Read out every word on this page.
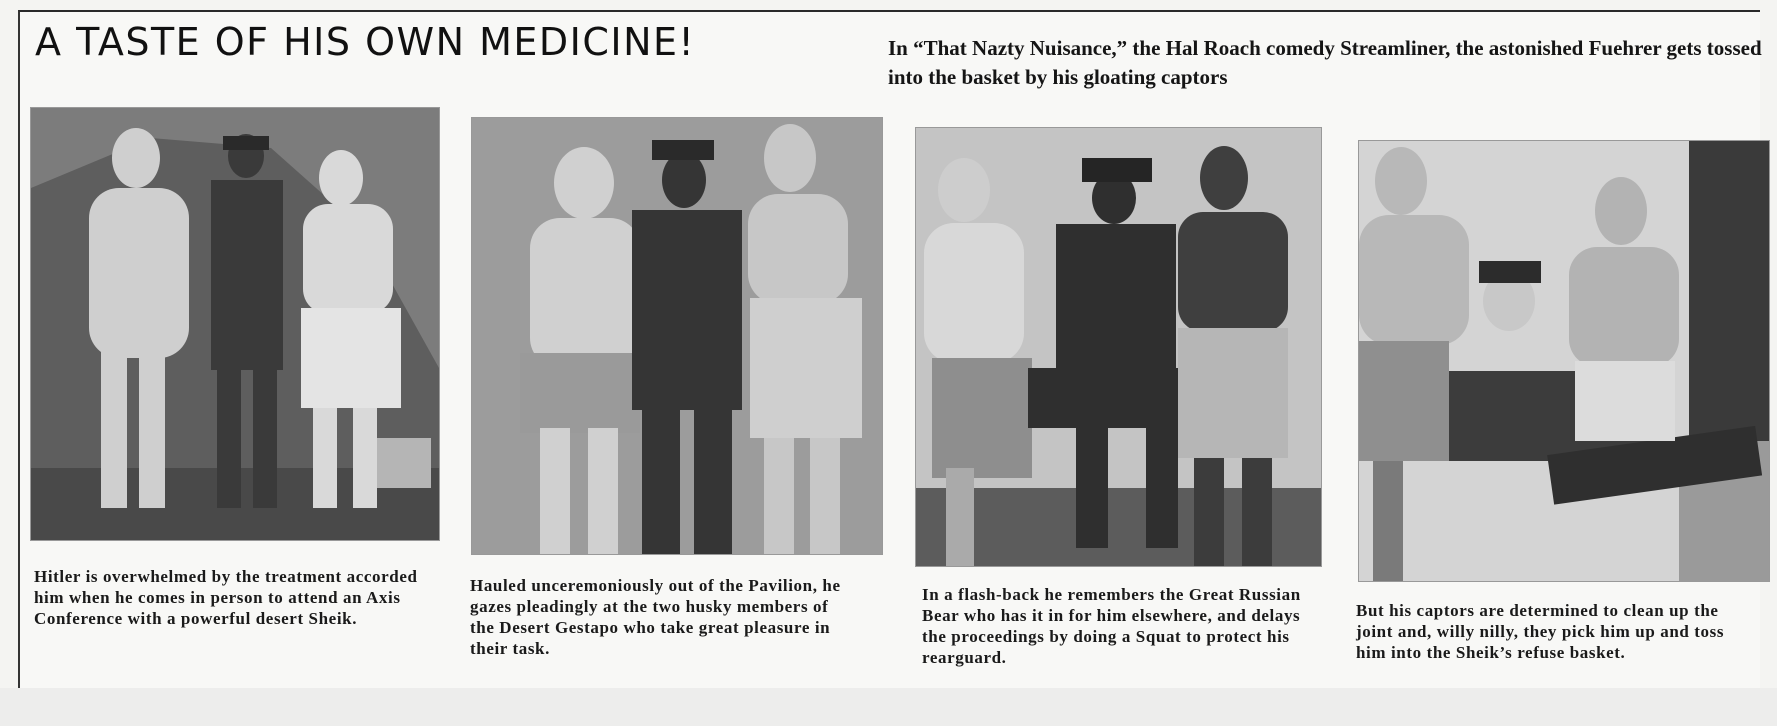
A TASTE OF HIS OWN MEDICINE!	In “That Nazty Nuisance,” the Hal Roach comedy Streamliner, the astonished Fuehrer gets tossed into the basket by his gloating captors
Hitler is overwhelmed by the treatment accorded him when he comes in person to attend an Axis Conference with a powerful desert Sheik.
Hauled unceremoniously out of the Pavilion, he gazes pleadingly at the two husky members of the Desert Gestapo who take great pleasure in their task.
In a flash-back he remembers the Great Russian Bear who has it in for him elsewhere, and delays the proceedings by doing a Squat to protect his rearguard.
But his captors are determined to clean up the joint and, willy nilly, they pick him up and toss him into the Sheik’s refuse basket.
